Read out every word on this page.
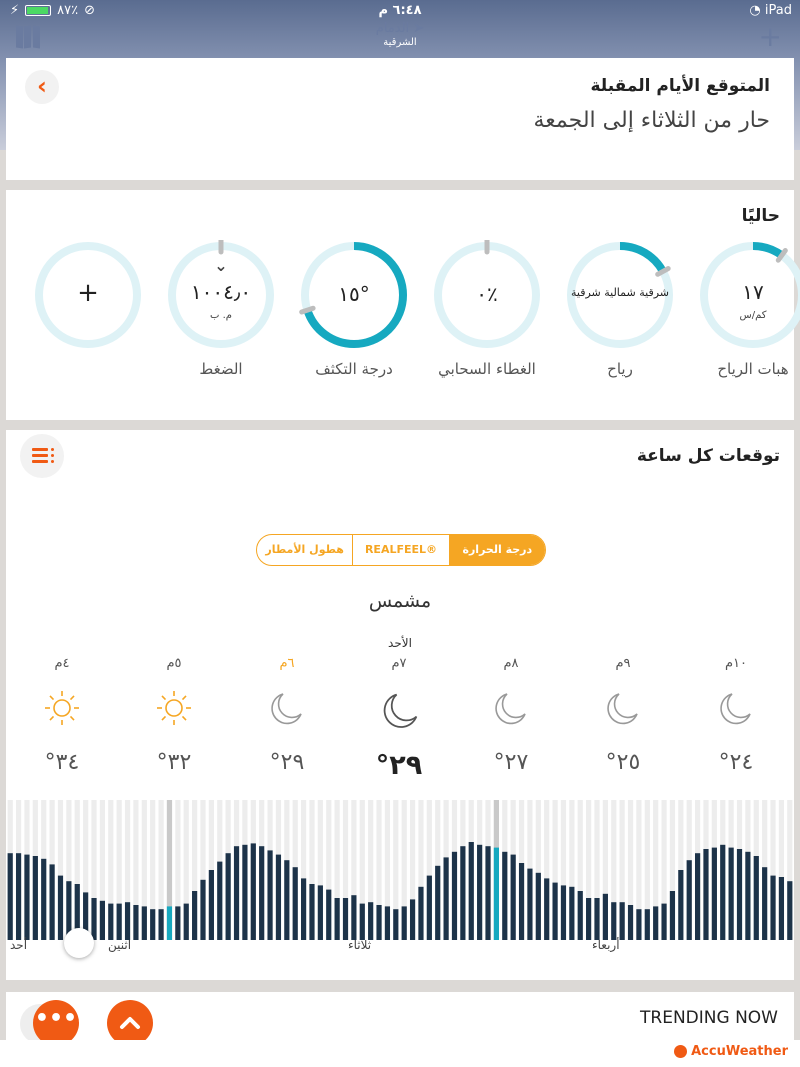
⚡	٨٧٪ ⊘	٦:٤٨ م	◔ iPad
الدمام ➤
الشرقية	+
‹	المتوقع الأيام المقبلة
حار من الثلاثاء إلى الجمعة
حاليًا
١٧
كم/س
هبات الرياح
شرقية شمالية شرقية
رياح
٪٠
الغطاء السحابي
°١٥
درجة التكثف
⌄
١٠٠٤٫٠
م. ب
الضغط
+
توقعات كل ساعة
هطول الأمطار	REALFEEL®	درجة الحرارة
مشمس
الأحد
١٠م
°٢٤
٩م
°٢٥
٨م
°٢٧
٧م
°٢٩
٦م
°٢٩
٥م
°٣٢
٤م
°٣٤
أحد	اثنين	ثلاثاء	أربعاء
TRENDING NOW
•••
AccuWeather
